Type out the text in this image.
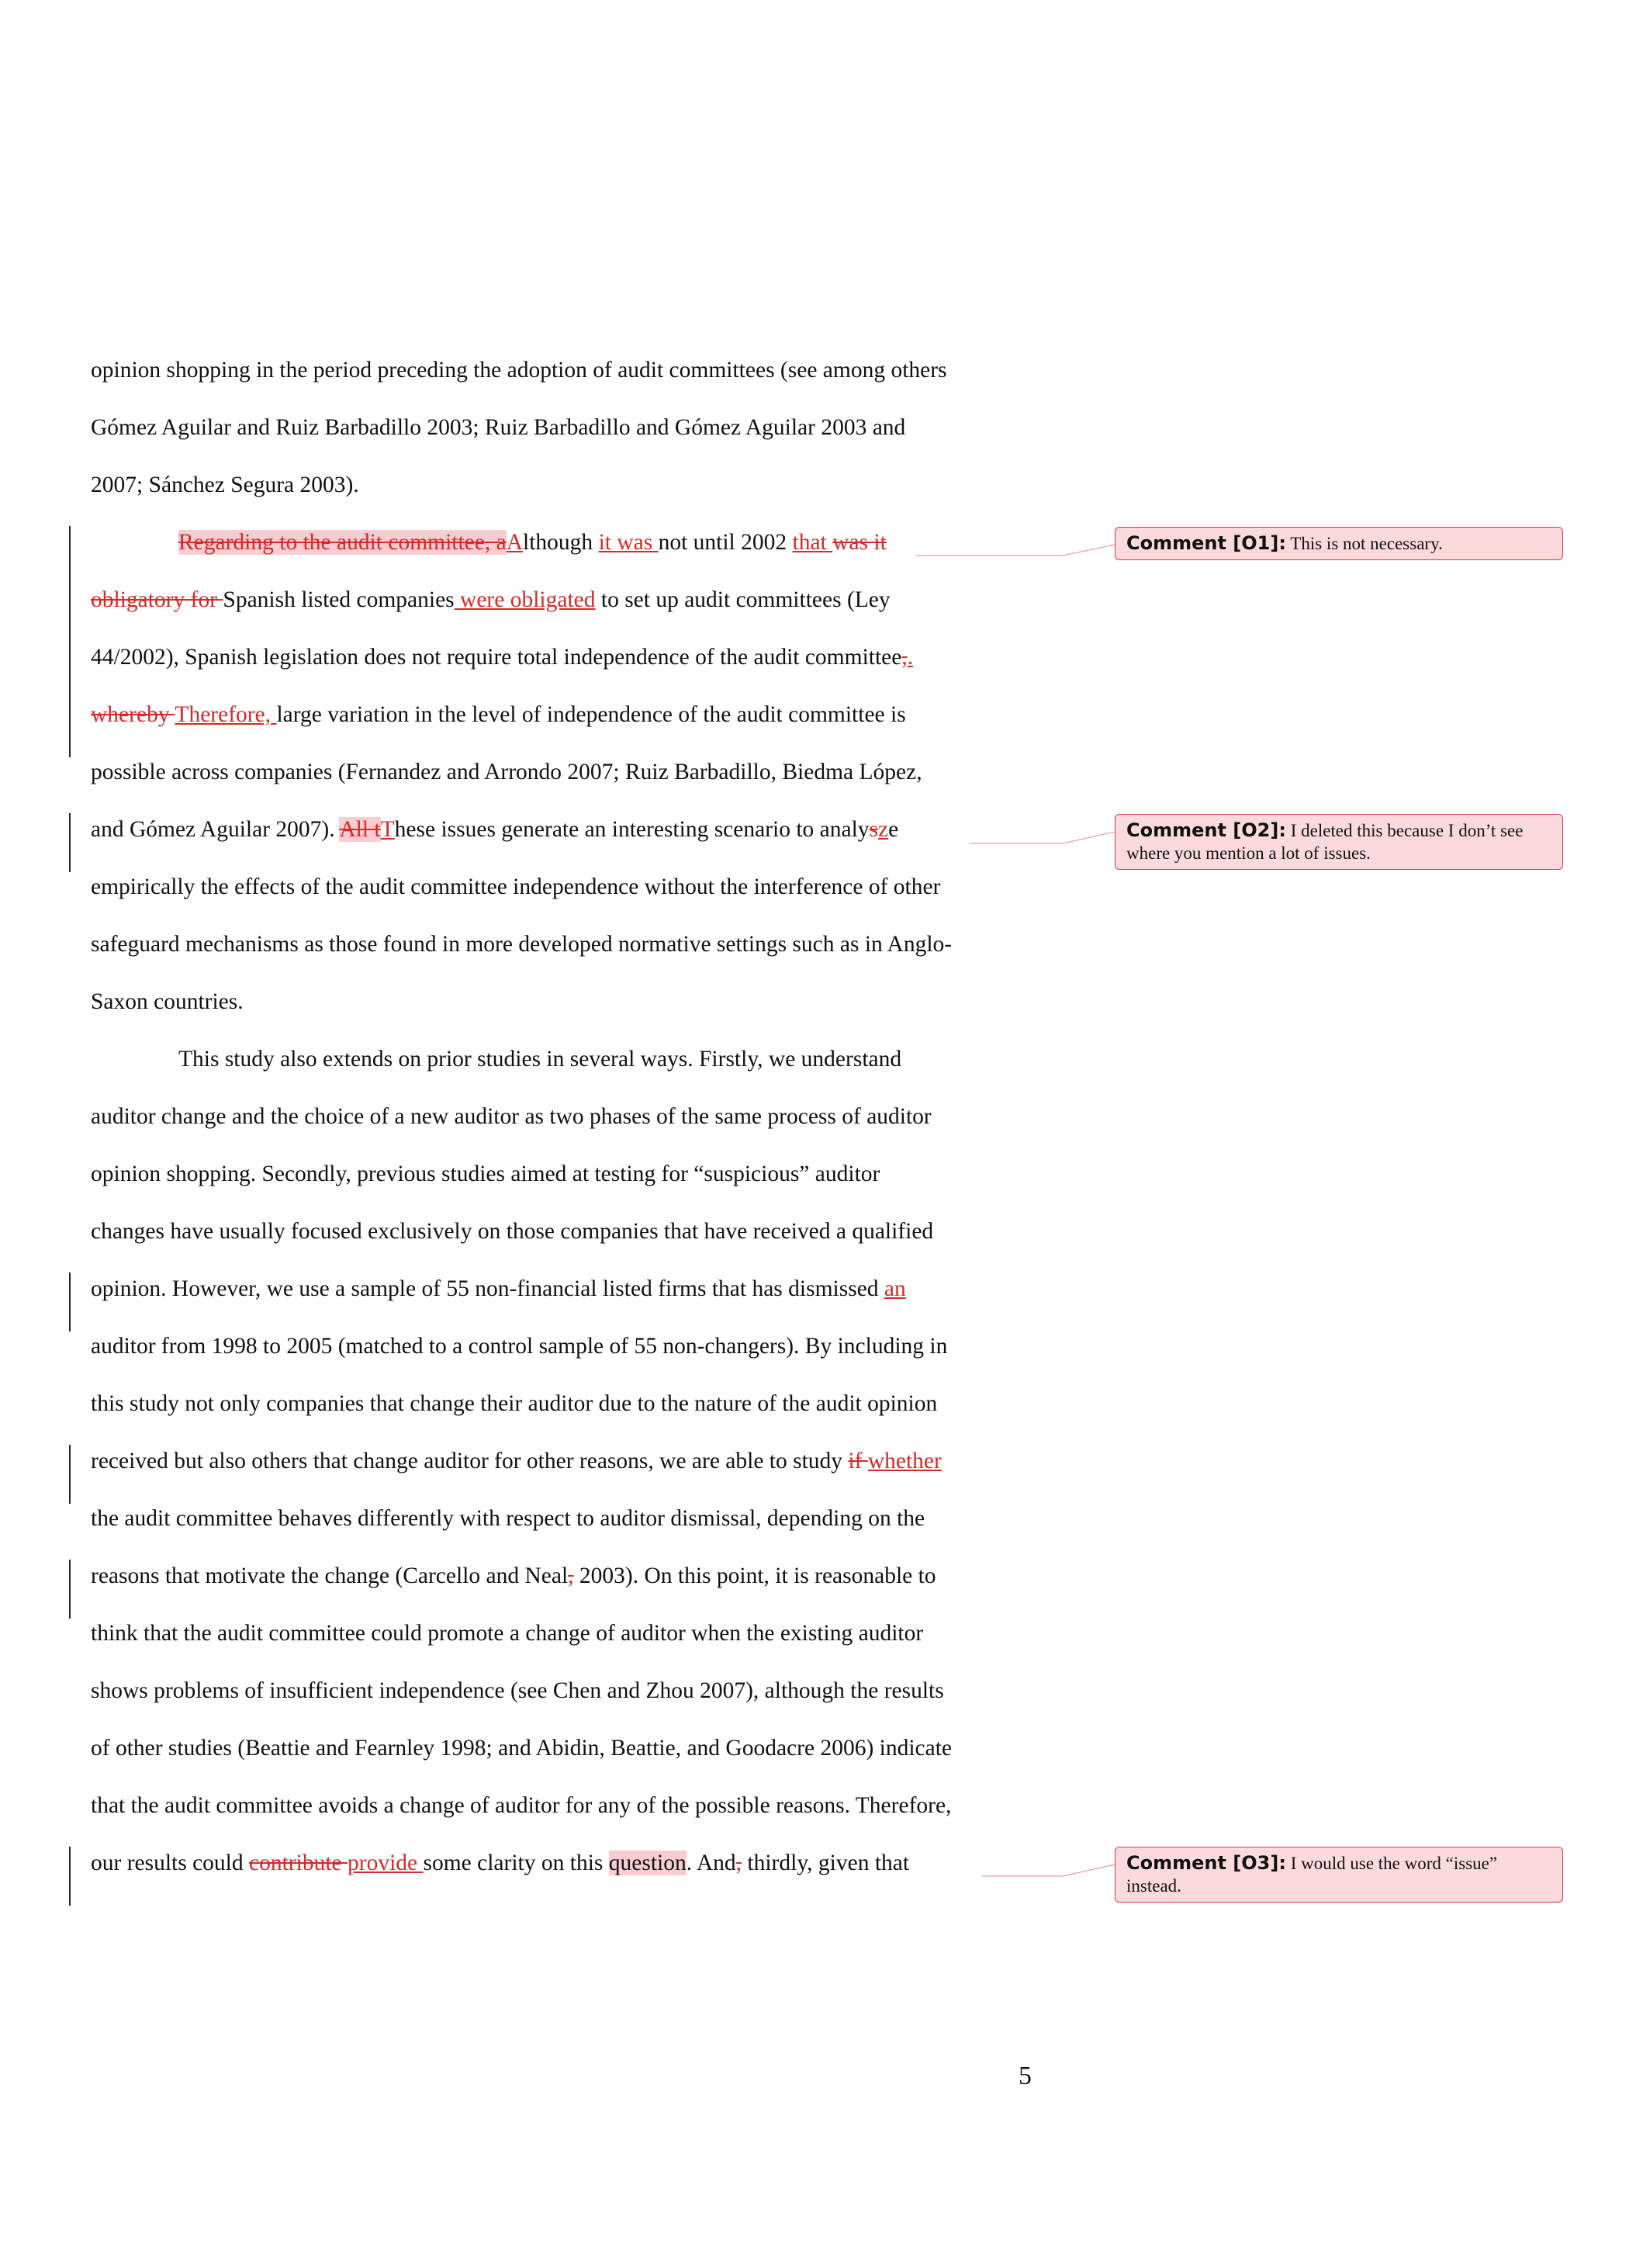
opinion shopping in the period preceding the adoption of audit committees (see among others
Gómez Aguilar and Ruiz Barbadillo 2003; Ruiz Barbadillo and Gómez Aguilar 2003 and
2007; Sánchez Segura 2003).
Regarding to the audit committee, aAlthough it was not until 2002 that was it
obligatory for Spanish listed companies were obligated to set up audit committees (Ley
44/2002), Spanish legislation does not require total independence of the audit committee,.
whereby Therefore, large variation in the level of independence of the audit committee is
possible across companies (Fernandez and Arrondo 2007; Ruiz Barbadillo, Biedma López,
and Gómez Aguilar 2007). All tThese issues generate an interesting scenario to analysze
empirically the effects of the audit committee independence without the interference of other
safeguard mechanisms as those found in more developed normative settings such as in Anglo-
Saxon countries.
This study also extends on prior studies in several ways. Firstly, we understand
auditor change and the choice of a new auditor as two phases of the same process of auditor
opinion shopping. Secondly, previous studies aimed at testing for “suspicious” auditor
changes have usually focused exclusively on those companies that have received a qualified
opinion. However, we use a sample of 55 non-financial listed firms that has dismissed an
auditor from 1998 to 2005 (matched to a control sample of 55 non-changers). By including in
this study not only companies that change their auditor due to the nature of the audit opinion
received but also others that change auditor for other reasons, we are able to study if whether
the audit committee behaves differently with respect to auditor dismissal, depending on the
reasons that motivate the change (Carcello and Neal, 2003). On this point, it is reasonable to
think that the audit committee could promote a change of auditor when the existing auditor
shows problems of insufficient independence (see Chen and Zhou 2007), although the results
of other studies (Beattie and Fearnley 1998; and Abidin, Beattie, and Goodacre 2006) indicate
that the audit committee avoids a change of auditor for any of the possible reasons. Therefore,
our results could contribute provide some clarity on this question. And, thirdly, given that
Comment [O1]: This is not necessary.
Comment [O2]: I deleted this because I don’t see where you mention a lot of issues.
Comment [O3]: I would use the word “issue” instead.
5
